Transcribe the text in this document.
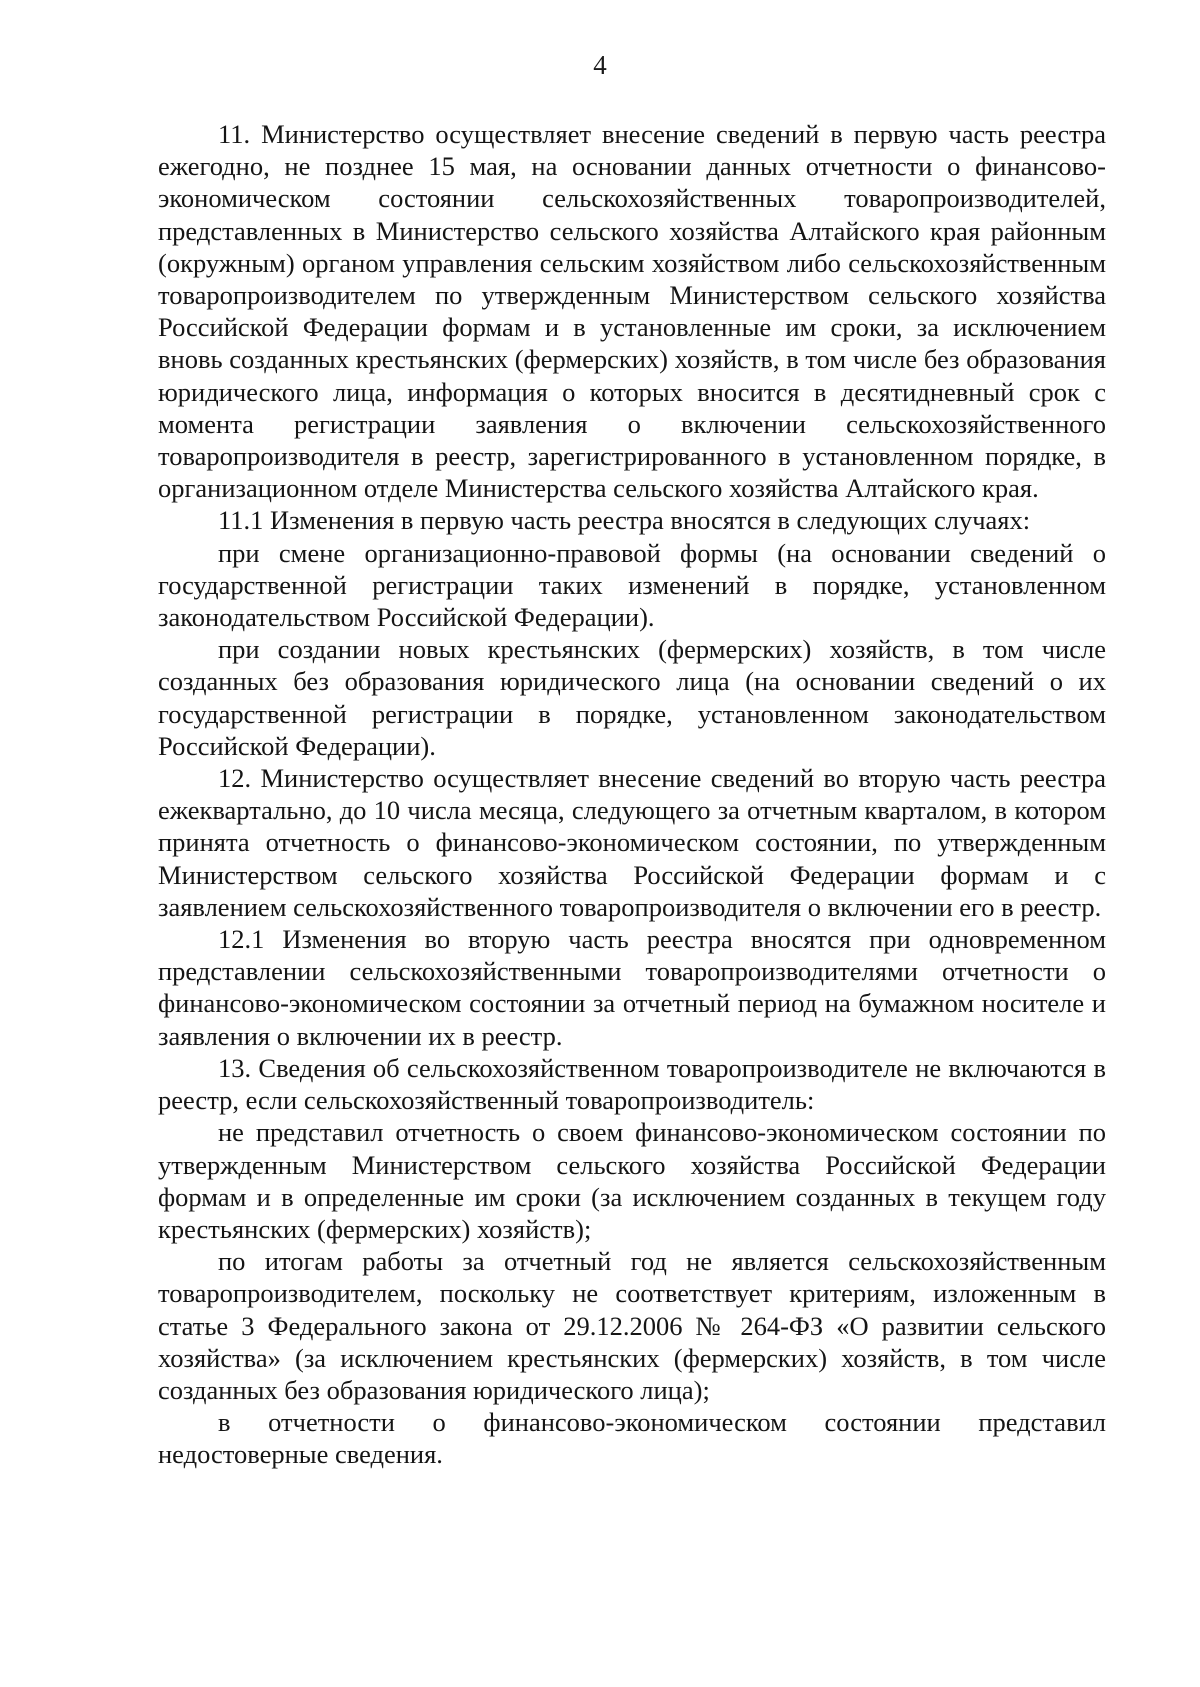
4

11. Министерство осуществляет внесение сведений в первую часть реестра ежегодно, не позднее 15 мая, на основании данных отчетности о финансово-экономическом состоянии сельскохозяйственных товаропроизводителей, представленных в Министерство сельского хозяйства Алтайского края районным (окружным) органом управления сельским хозяйством либо сельскохозяйственным товаропроизводителем по утвержденным Министерством сельского хозяйства Российской Федерации формам и в установленные им сроки, за исключением вновь созданных крестьянских (фермерских) хозяйств, в том числе без образования юридического лица, информация о которых вносится в десятидневный срок с момента регистрации заявления о включении сельскохозяйственного товаропроизводителя в реестр, зарегистрированного в установленном порядке, в организационном отделе Министерства сельского хозяйства Алтайского края.

11.1 Изменения в первую часть реестра вносятся в следующих случаях:

при смене организационно-правовой формы (на основании сведений о государственной регистрации таких изменений в порядке, установленном законодательством Российской Федерации).

при создании новых крестьянских (фермерских) хозяйств, в том числе созданных без образования юридического лица (на основании сведений о их государственной регистрации в порядке, установленном законодательством Российской Федерации).

12. Министерство осуществляет внесение сведений во вторую часть реестра ежеквартально, до 10 числа месяца, следующего за отчетным кварталом, в котором принята отчетность о финансово-экономическом состоянии, по утвержденным Министерством сельского хозяйства Российской Федерации формам и с заявлением сельскохозяйственного товаропроизводителя о включении его в реестр.

12.1 Изменения во вторую часть реестра вносятся при одновременном представлении сельскохозяйственными товаропроизводителями отчетности о финансово-экономическом состоянии за отчетный период на бумажном носителе и заявления о включении их в реестр.

13. Сведения об сельскохозяйственном товаропроизводителе не включаются в реестр, если сельскохозяйственный товаропроизводитель:

не представил отчетность о своем финансово-экономическом состоянии по утвержденным Министерством сельского хозяйства Российской Федерации формам и в определенные им сроки (за исключением созданных в текущем году крестьянских (фермерских) хозяйств);

по итогам работы за отчетный год не является сельскохозяйственным товаропроизводителем, поскольку не соответствует критериям, изложенным в статье 3 Федерального закона от 29.12.2006 № 264-ФЗ «О развитии сельского хозяйства» (за исключением крестьянских (фермерских) хозяйств, в том числе созданных без образования юридического лица);

в отчетности о финансово-экономическом состоянии представил недостоверные сведения.
